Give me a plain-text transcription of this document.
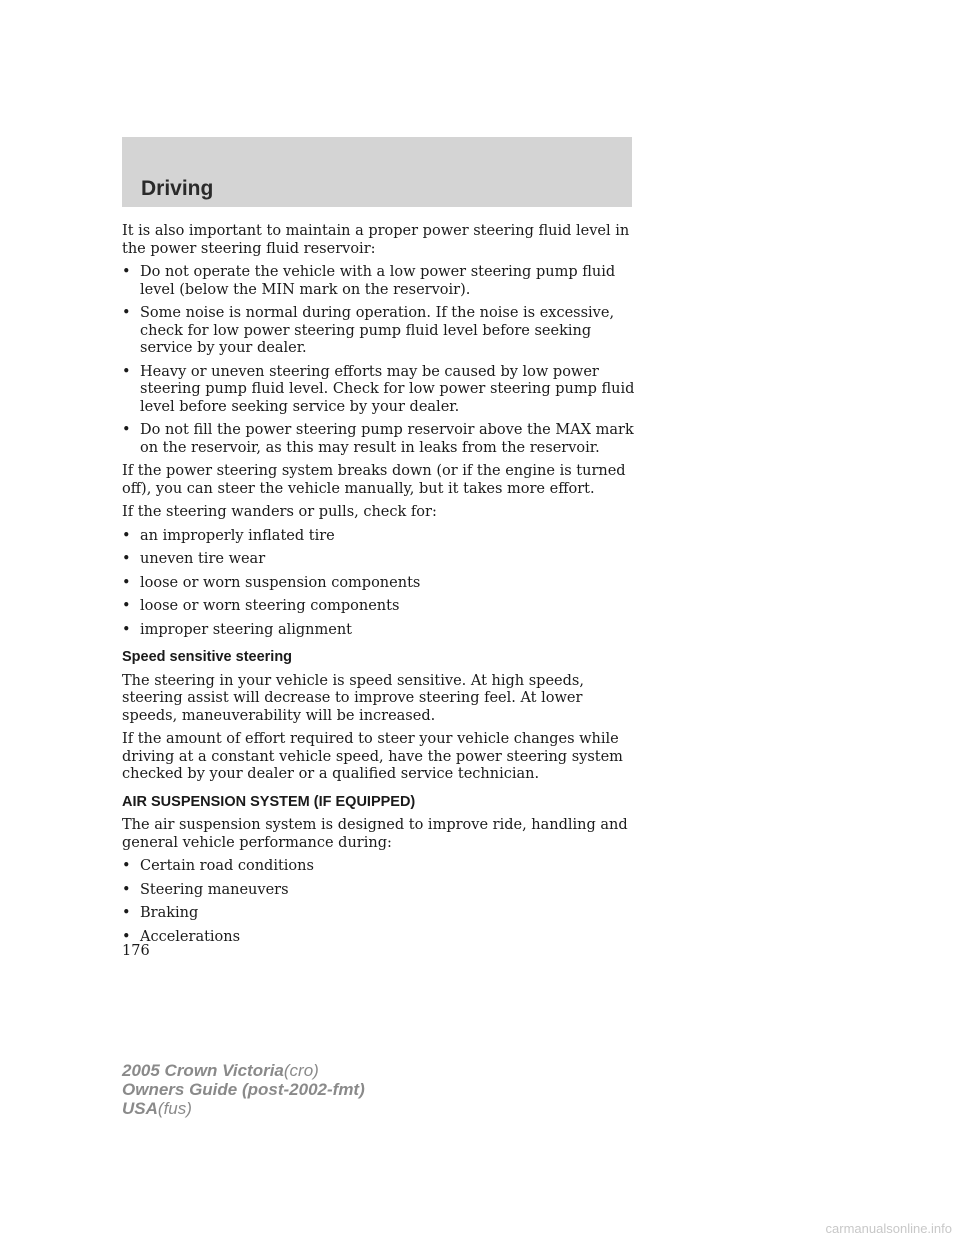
Driving

It is also important to maintain a proper power steering fluid level in the power steering fluid reservoir:

• Do not operate the vehicle with a low power steering pump fluid level (below the MIN mark on the reservoir).
• Some noise is normal during operation. If the noise is excessive, check for low power steering pump fluid level before seeking service by your dealer.
• Heavy or uneven steering efforts may be caused by low power steering pump fluid level. Check for low power steering pump fluid level before seeking service by your dealer.
• Do not fill the power steering pump reservoir above the MAX mark on the reservoir, as this may result in leaks from the reservoir.

If the power steering system breaks down (or if the engine is turned off), you can steer the vehicle manually, but it takes more effort.

If the steering wanders or pulls, check for:

• an improperly inflated tire
• uneven tire wear
• loose or worn suspension components
• loose or worn steering components
• improper steering alignment
Speed sensitive steering

The steering in your vehicle is speed sensitive. At high speeds, steering assist will decrease to improve steering feel. At lower speeds, maneuverability will be increased.

If the amount of effort required to steer your vehicle changes while driving at a constant vehicle speed, have the power steering system checked by your dealer or a qualified service technician.

AIR SUSPENSION SYSTEM (IF EQUIPPED)

The air suspension system is designed to improve ride, handling and general vehicle performance during:

• Certain road conditions
• Steering maneuvers
• Braking
• Accelerations
176
2005 Crown Victoria(cro)
Owners Guide (post-2002-fmt)
USA(fus)
carmanualsonline.info
